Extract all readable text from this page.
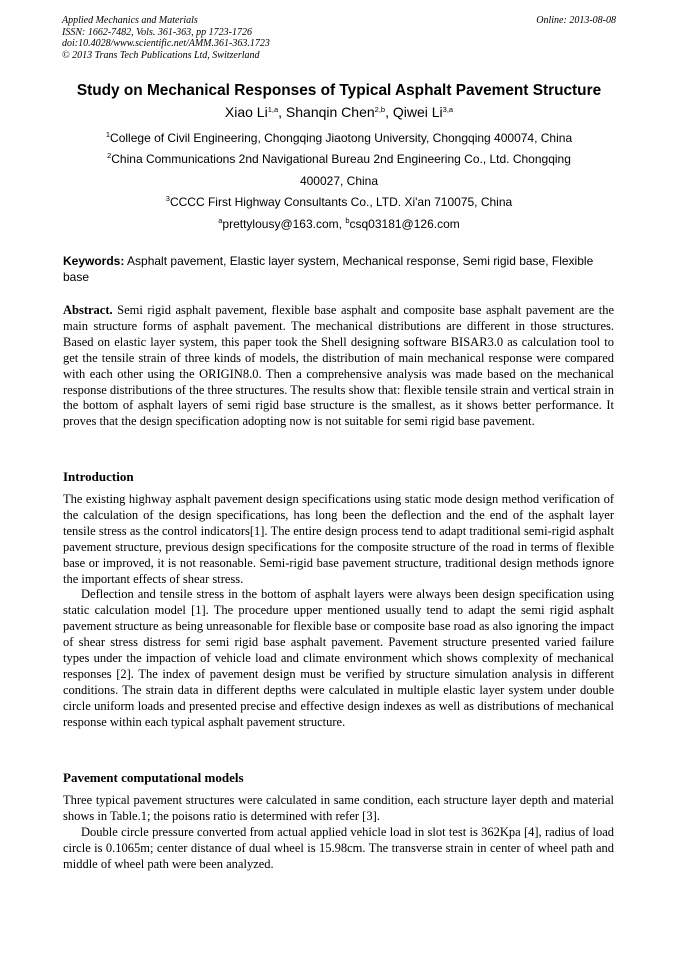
Applied Mechanics and Materials
ISSN: 1662-7482, Vols. 361-363, pp 1723-1726
doi:10.4028/www.scientific.net/AMM.361-363.1723
© 2013 Trans Tech Publications Ltd, Switzerland
Online: 2013-08-08
Study on Mechanical Responses of Typical Asphalt Pavement Structure
Xiao Li$^{1,a}$, Shanqin Chen$^{2,b}$, Qiwei Li$^{3,a}$
$^1$College of Civil Engineering, Chongqing Jiaotong University, Chongqing 400074, China
$^2$China Communications 2nd Navigational Bureau 2nd Engineering Co., Ltd. Chongqing
400027, China
$^3$CCCC First Highway Consultants Co., LTD. Xi'an 710075, China
$^a$prettylousy@163.com, $^b$csq03181@126.com
Keywords: Asphalt pavement, Elastic layer system, Mechanical response, Semi rigid base, Flexible base

Abstract. Semi rigid asphalt pavement, flexible base asphalt and composite base asphalt pavement are the main structure forms of asphalt pavement. The mechanical distributions are different in those structures. Based on elastic layer system, this paper took the Shell designing software BISAR3.0 as calculation tool to get the tensile strain of three kinds of models, the distribution of main mechanical response were compared with each other using the ORIGIN8.0. Then a comprehensive analysis was made based on the mechanical response distributions of the three structures. The results show that: flexible tensile strain and vertical strain in the bottom of asphalt layers of semi rigid base structure is the smallest, as it shows better performance. It proves that the design specification adopting now is not suitable for semi rigid base pavement.

Introduction

The existing highway asphalt pavement design specifications using static mode design method verification of the calculation of the design specifications, has long been the deflection and the end of the asphalt layer tensile stress as the control indicators[1]. The entire design process tend to adapt traditional semi-rigid asphalt pavement structure, previous design specifications for the composite structure of the road in terms of flexible base or improved, it is not reasonable. Semi-rigid base pavement structure, traditional design methods ignore the important effects of shear stress.

Deflection and tensile stress in the bottom of asphalt layers were always been design specification using static calculation model [1]. The procedure upper mentioned usually tend to adapt the semi rigid asphalt pavement structure as being unreasonable for flexible base or composite base road as also ignoring the impact of shear stress distress for semi rigid base asphalt pavement. Pavement structure presented varied failure types under the impaction of vehicle load and climate environment which shows complexity of mechanical responses [2]. The index of pavement design must be verified by structure simulation analysis in different conditions. The strain data in different depths were calculated in multiple elastic layer system under double circle uniform loads and presented precise and effective design indexes as well as distributions of mechanical response within each typical asphalt pavement structure.

Pavement computational models

Three typical pavement structures were calculated in same condition, each structure layer depth and material shows in Table.1; the poisons ratio is determined with refer [3].

Double circle pressure converted from actual applied vehicle load in slot test is 362Kpa [4], radius of load circle is 0.1065m; center distance of dual wheel is 15.98cm. The transverse strain in center of wheel path and middle of wheel path were been analyzed.
